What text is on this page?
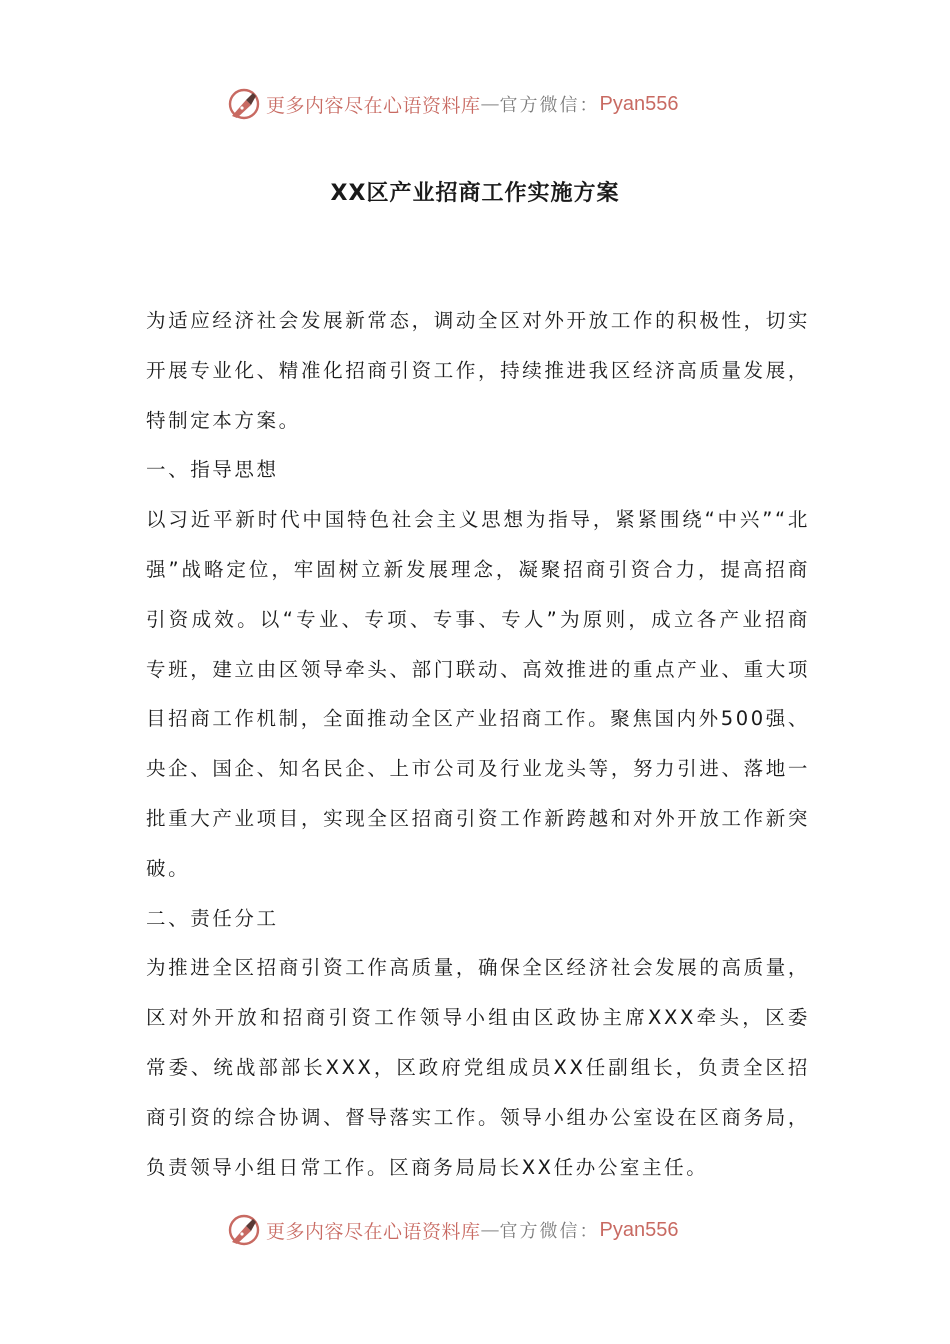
更多内容尽在心语资料库 — 官方微信： Pyan556
XX区产业招商工作实施方案

为适应经济社会发展新常态，调动全区对外开放工作的积极性，切实开展专业化、精准化招商引资工作，持续推进我区经济高质量发展，特制定本方案。

一、指导思想

以习近平新时代中国特色社会主义思想为指导，紧紧围绕“中兴”“北强”战略定位，牢固树立新发展理念，凝聚招商引资合力，提高招商引资成效。以“专业、专项、专事、专人”为原则，成立各产业招商专班，建立由区领导牵头、部门联动、高效推进的重点产业、重大项目招商工作机制，全面推动全区产业招商工作。聚焦国内外500强、央企、国企、知名民企、上市公司及行业龙头等，努力引进、落地一批重大产业项目，实现全区招商引资工作新跨越和对外开放工作新突破。

二、责任分工

为推进全区招商引资工作高质量，确保全区经济社会发展的高质量，区对外开放和招商引资工作领导小组由区政协主席XXX牵头，区委常委、统战部部长XXX，区政府党组成员XX任副组长，负责全区招商引资的综合协调、督导落实工作。领导小组办公室设在区商务局，负责领导小组日常工作。区商务局局长XX任办公室主任。

更多内容尽在心语资料库 — 官方微信： Pyan556
